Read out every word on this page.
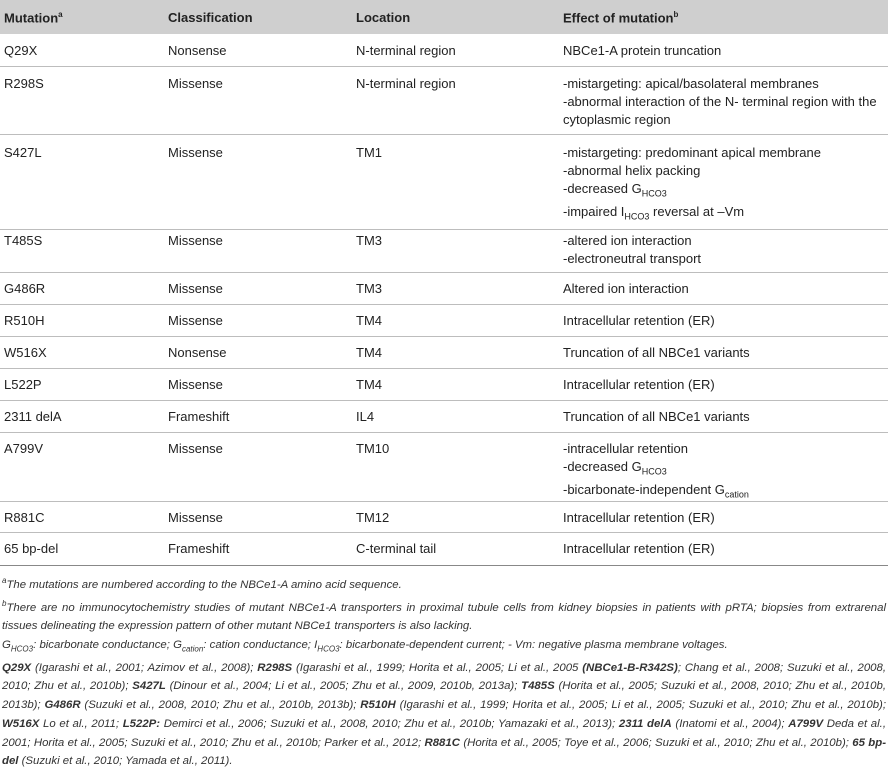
Mutation$^a$	Classification	Location	Effect of mutation$^b$
Q29X	Nonsense	N-terminal region	NBCe1-A protein truncation
R298S	Missense	N-terminal region	-mistargeting: apical/basolateral membranes
-abnormal interaction of the N- terminal region with the cytoplasmic region
S427L	Missense	TM1	-mistargeting: predominant apical membrane
-abnormal helix packing
-decreased $G_{HCO3}$
-impaired $I_{HCO3}$ reversal at –Vm
T485S	Missense	TM3	-altered ion interaction
-electroneutral transport
G486R	Missense	TM3	Altered ion interaction
R510H	Missense	TM4	Intracellular retention (ER)
W516X	Nonsense	TM4	Truncation of all NBCe1 variants
L522P	Missense	TM4	Intracellular retention (ER)
2311 delA	Frameshift	IL4	Truncation of all NBCe1 variants
A799V	Missense	TM10	-intracellular retention
-decreased $G_{HCO3}$
-bicarbonate-independent $G_{cation}$
R881C	Missense	TM12	Intracellular retention (ER)
65 bp-del	Frameshift	C-terminal tail	Intracellular retention (ER)

$^a$The mutations are numbered according to the NBCe1-A amino acid sequence.

$^b$There are no immunocytochemistry studies of mutant NBCe1-A transporters in proximal tubule cells from kidney biopsies in patients with pRTA; biopsies from extrarenal tissues delineating the expression pattern of other mutant NBCe1 transporters is also lacking.

$G_{HCO3}$: bicarbonate conductance; $G_{cation}$: cation conductance; $I_{HCO3}$: bicarbonate-dependent current; - Vm: negative plasma membrane voltages.

Q29X (Igarashi et al., 2001; Azimov et al., 2008); R298S (Igarashi et al., 1999; Horita et al., 2005; Li et al., 2005 (NBCe1-B-R342S); Chang et al., 2008; Suzuki et al., 2008, 2010; Zhu et al., 2010b); S427L (Dinour et al., 2004; Li et al., 2005; Zhu et al., 2009, 2010b, 2013a); T485S (Horita et al., 2005; Suzuki et al., 2008, 2010; Zhu et al., 2010b, 2013b); G486R (Suzuki et al., 2008, 2010; Zhu et al., 2010b, 2013b); R510H (Igarashi et al., 1999; Horita et al., 2005; Li et al., 2005; Suzuki et al., 2010; Zhu et al., 2010b); W516X Lo et al., 2011; L522P: Demirci et al., 2006; Suzuki et al., 2008, 2010; Zhu et al., 2010b; Yamazaki et al., 2013); 2311 delA (Inatomi et al., 2004); A799V Deda et al., 2001; Horita et al., 2005; Suzuki et al., 2010; Zhu et al., 2010b; Parker et al., 2012; R881C (Horita et al., 2005; Toye et al., 2006; Suzuki et al., 2010; Zhu et al., 2010b); 65 bp-del (Suzuki et al., 2010; Yamada et al., 2011).
